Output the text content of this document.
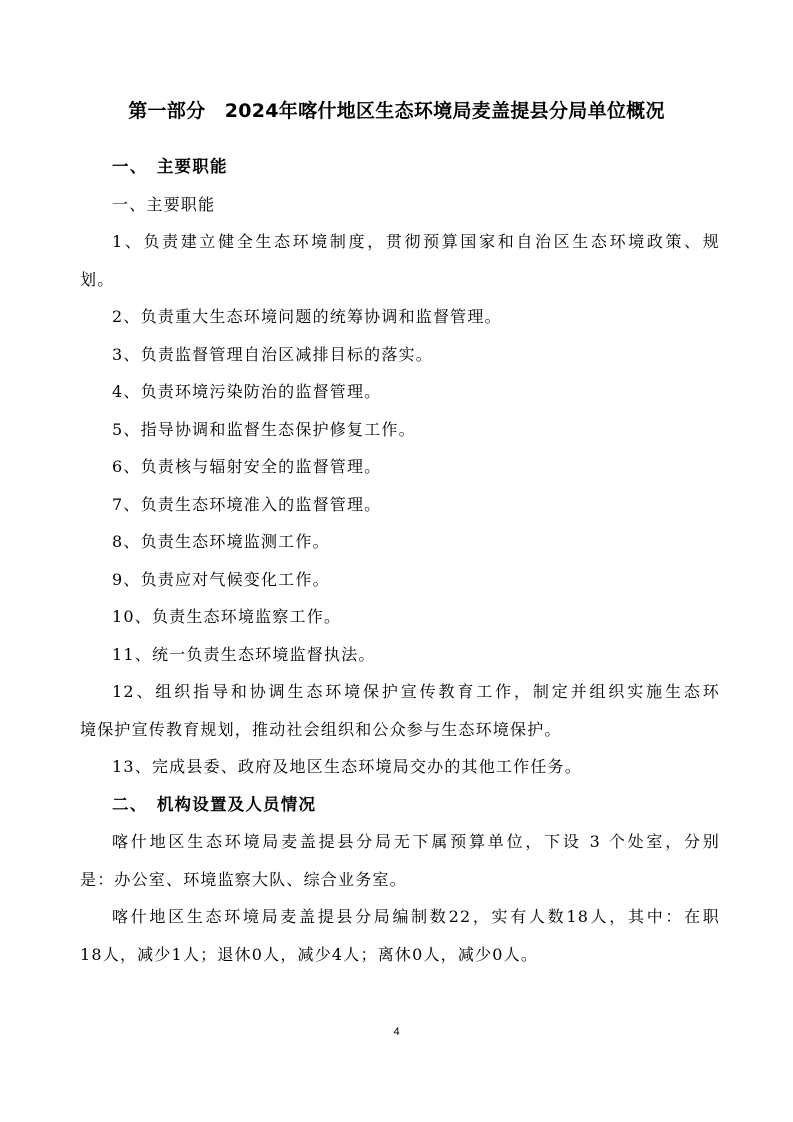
第一部分　2024年喀什地区生态环境局麦盖提县分局单位概况
一、　主要职能
一、主要职能
1、负责建立健全生态环境制度，贯彻预算国家和自治区生态环境政策、规
划。
2、负责重大生态环境问题的统筹协调和监督管理。
3、负责监督管理自治区减排目标的落实。
4、负责环境污染防治的监督管理。
5、指导协调和监督生态保护修复工作。
6、负责核与辐射安全的监督管理。
7、负责生态环境准入的监督管理。
8、负责生态环境监测工作。
9、负责应对气候变化工作。
10、负责生态环境监察工作。
11、统一负责生态环境监督执法。
12、组织指导和协调生态环境保护宣传教育工作，制定并组织实施生态环
境保护宣传教育规划，推动社会组织和公众参与生态环境保护。
13、完成县委、政府及地区生态环境局交办的其他工作任务。
二、　机构设置及人员情况
喀什地区生态环境局麦盖提县分局无下属预算单位，下设 3 个处室，分别
是：办公室、环境监察大队、综合业务室。
喀什地区生态环境局麦盖提县分局编制数22，实有人数18人，其中：在职
18人，减少1人；退休0人，减少4人；离休0人，减少0人。
4
